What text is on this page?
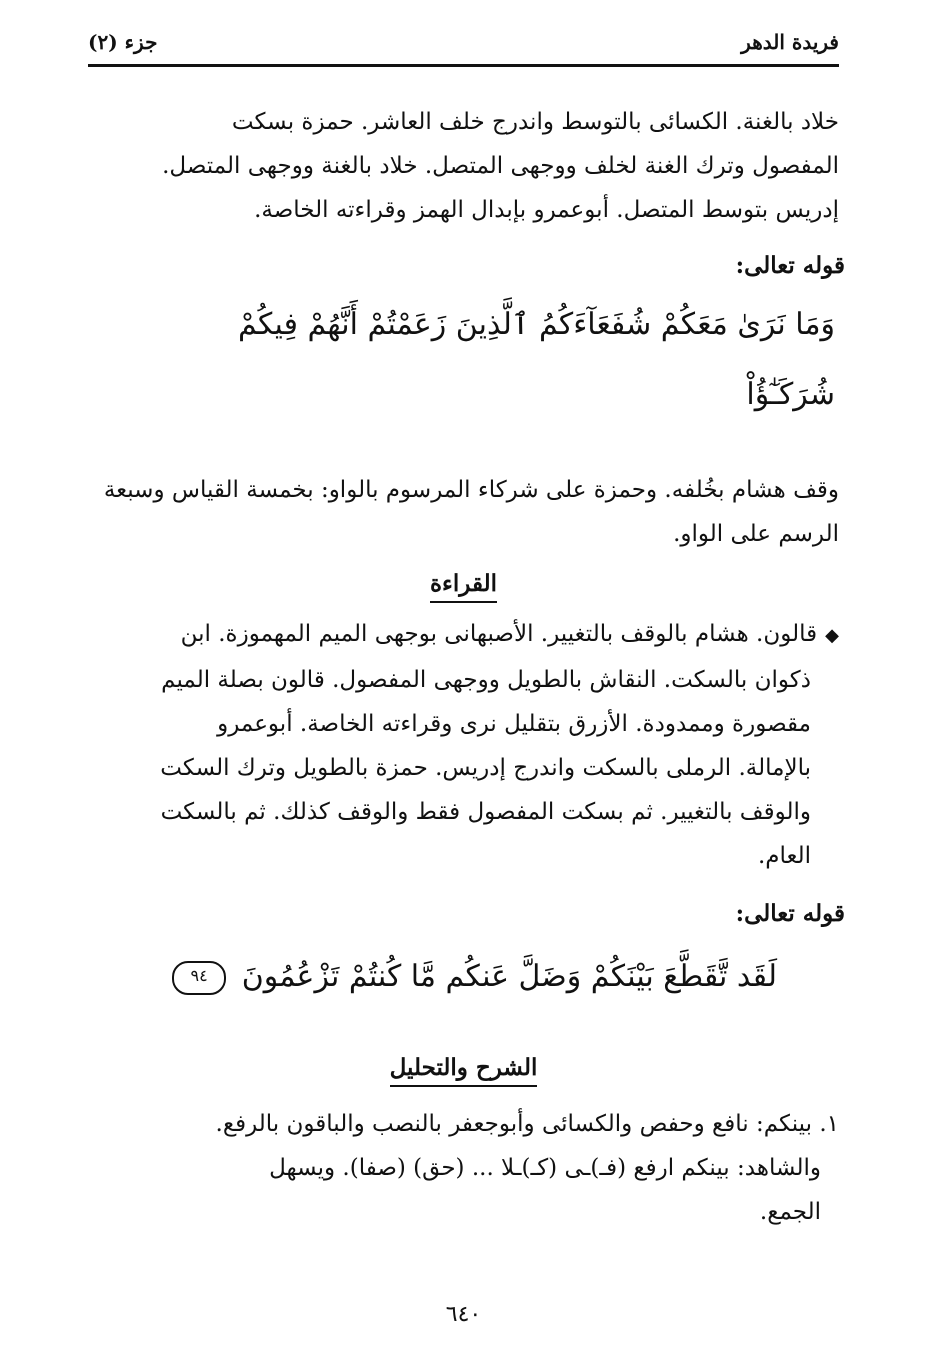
فريدة الدهر
جزء (٢)
خلاد بالغنة. الكسائى بالتوسط واندرج خلف العاشر. حمزة بسكت
المفصول وترك الغنة لخلف ووجهى المتصل. خلاد بالغنة ووجهى المتصل.
إدريس بتوسط المتصل. أبوعمرو بإبدال الهمز وقراءته الخاصة.
قوله تعالى:
وَمَا نَرَىٰ مَعَكُمْ شُفَعَآءَكُمُ ٱلَّذِينَ زَعَمْتُمْ أَنَّهُمْ فِيكُمْ
شُرَكَـٰٓؤُاْ
وقف هشام بخُلفه. وحمزة على شركاء المرسوم بالواو: بخمسة القياس وسبعة
الرسم على الواو.
القراءة
◆قالون. هشام بالوقف بالتغيير. الأصبهانى بوجهى الميم المهموزة. ابن
ذكوان بالسكت. النقاش بالطويل ووجهى المفصول. قالون بصلة الميم
مقصورة وممدودة. الأزرق بتقليل نرى وقراءته الخاصة. أبوعمرو
بالإمالة. الرملى بالسكت واندرج إدريس. حمزة بالطويل وترك السكت
والوقف بالتغيير. ثم بسكت المفصول فقط والوقف كذلك. ثم بالسكت
العام.
قوله تعالى:
لَقَد تَّقَطَّعَ بَيْنَكُمْ وَضَلَّ عَنكُم مَّا كُنتُمْ تَزْعُمُونَ ٩٤
الشرح والتحليل
١. بينكم: نافع وحفص والكسائى وأبوجعفر بالنصب والباقون بالرفع.
والشاهد: بينكم ارفع (فـ)ـى (كـ)ـلا ... (حق) (صفا). ويسهل
الجمع.
٦٤٠
